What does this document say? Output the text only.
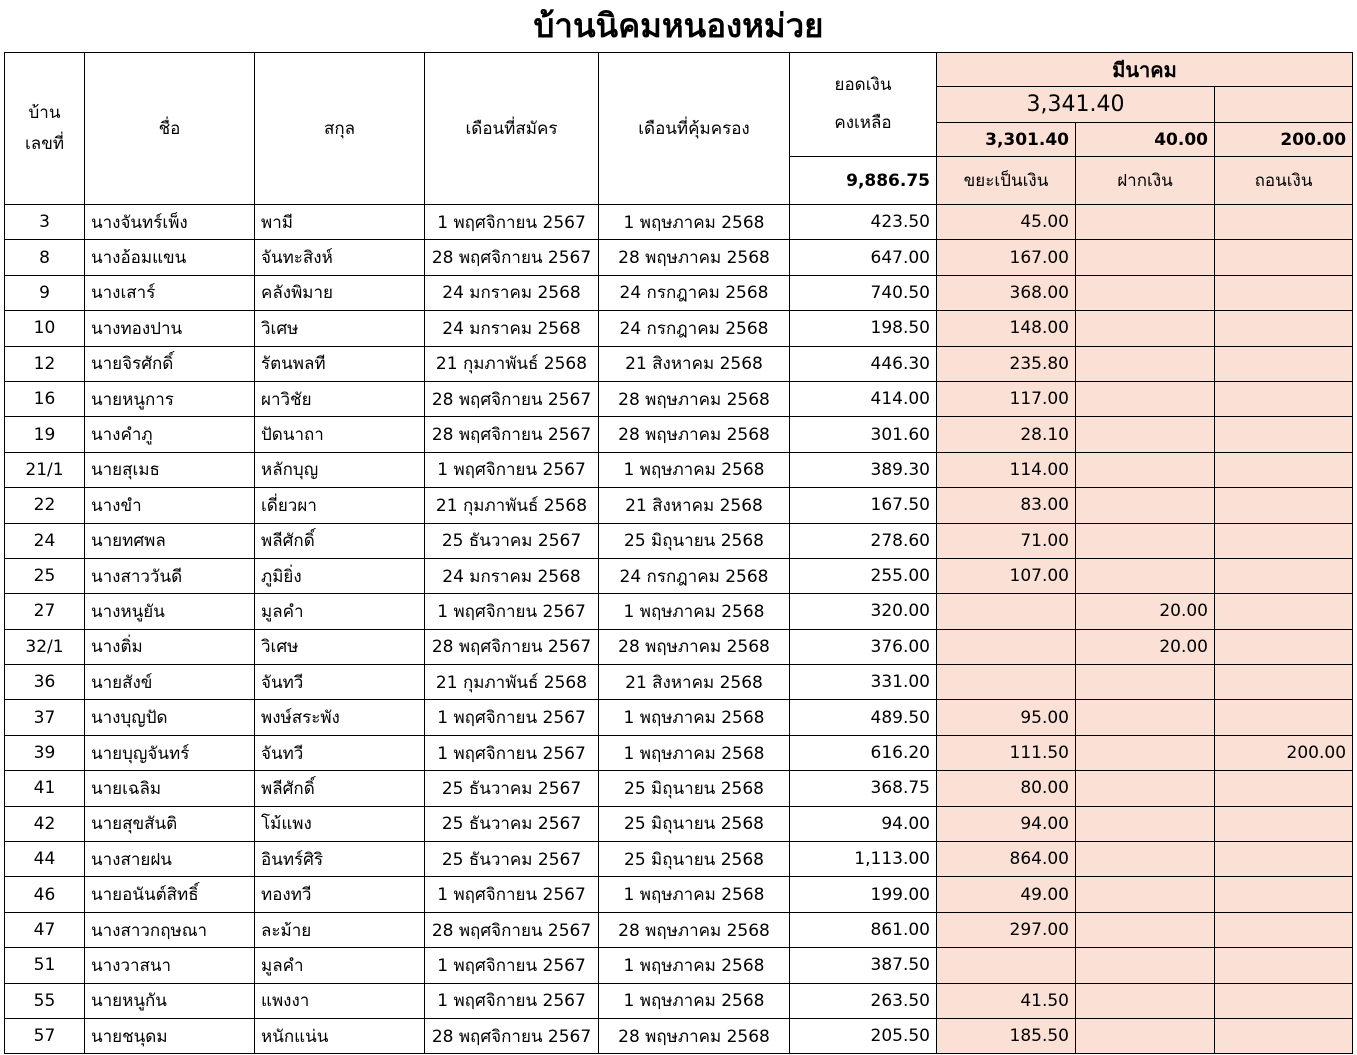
บ้านนิคมหนองหม่วย
บ้าน
เลขที่	ชื่อ	สกุล	เดือนที่สมัคร	เดือนที่คุ้มครอง	ยอดเงิน
คงเหลือ	มีนาคม		
						3,341.40		
						3,301.40	40.00	200.00
					9,886.75	ขยะเป็นเงิน	ฝากเงิน	ถอนเงิน
3	นางจันทร์เพ็ง	พามี	1 พฤศจิกายน 2567	1 พฤษภาคม 2568	423.50	45.00		
8	นางอ้อมแขน	จันทะสิงห์	28 พฤศจิกายน 2567	28 พฤษภาคม 2568	647.00	167.00		
9	นางเสาร์	คลังพิมาย	24 มกราคม 2568	24 กรกฎาคม 2568	740.50	368.00		
10	นางทองปาน	วิเศษ	24 มกราคม 2568	24 กรกฎาคม 2568	198.50	148.00		
12	นายจิรศักดิ์	รัตนพลที	21 กุมภาพันธ์ 2568	21 สิงหาคม 2568	446.30	235.80		
16	นายหนูการ	ผาวิชัย	28 พฤศจิกายน 2567	28 พฤษภาคม 2568	414.00	117.00		
19	นางคำภู	ปัดนาถา	28 พฤศจิกายน 2567	28 พฤษภาคม 2568	301.60	28.10		
21/1	นายสุเมธ	หลักบุญ	1 พฤศจิกายน 2567	1 พฤษภาคม 2568	389.30	114.00		
22	นางขำ	เดี่ยวผา	21 กุมภาพันธ์ 2568	21 สิงหาคม 2568	167.50	83.00		
24	นายทศพล	พลีศักดิ์	25 ธันวาคม 2567	25 มิถุนายน 2568	278.60	71.00		
25	นางสาววันดี	ภูมิยิ่ง	24 มกราคม 2568	24 กรกฎาคม 2568	255.00	107.00		
27	นางหนูยัน	มูลคำ	1 พฤศจิกายน 2567	1 พฤษภาคม 2568	320.00		20.00	
32/1	นางติ่ม	วิเศษ	28 พฤศจิกายน 2567	28 พฤษภาคม 2568	376.00		20.00	
36	นายสังข์	จันทวี	21 กุมภาพันธ์ 2568	21 สิงหาคม 2568	331.00			
37	นางบุญปัด	พงษ์สระพัง	1 พฤศจิกายน 2567	1 พฤษภาคม 2568	489.50	95.00		
39	นายบุญจันทร์	จันทวี	1 พฤศจิกายน 2567	1 พฤษภาคม 2568	616.20	111.50		200.00
41	นายเฉลิม	พลีศักดิ์	25 ธันวาคม 2567	25 มิถุนายน 2568	368.75	80.00		
42	นายสุขสันติ	โม้แพง	25 ธันวาคม 2567	25 มิถุนายน 2568	94.00	94.00		
44	นางสายฝน	อินทร์ศิริ	25 ธันวาคม 2567	25 มิถุนายน 2568	1,113.00	864.00		
46	นายอนันต์สิทธิ์	ทองทวี	1 พฤศจิกายน 2567	1 พฤษภาคม 2568	199.00	49.00		
47	นางสาวกฤษณา	ละม้าย	28 พฤศจิกายน 2567	28 พฤษภาคม 2568	861.00	297.00		
51	นางวาสนา	มูลคำ	1 พฤศจิกายน 2567	1 พฤษภาคม 2568	387.50			
55	นายหนูกัน	แพงงา	1 พฤศจิกายน 2567	1 พฤษภาคม 2568	263.50	41.50		
57	นายชนุดม	หนักแน่น	28 พฤศจิกายน 2567	28 พฤษภาคม 2568	205.50	185.50		
